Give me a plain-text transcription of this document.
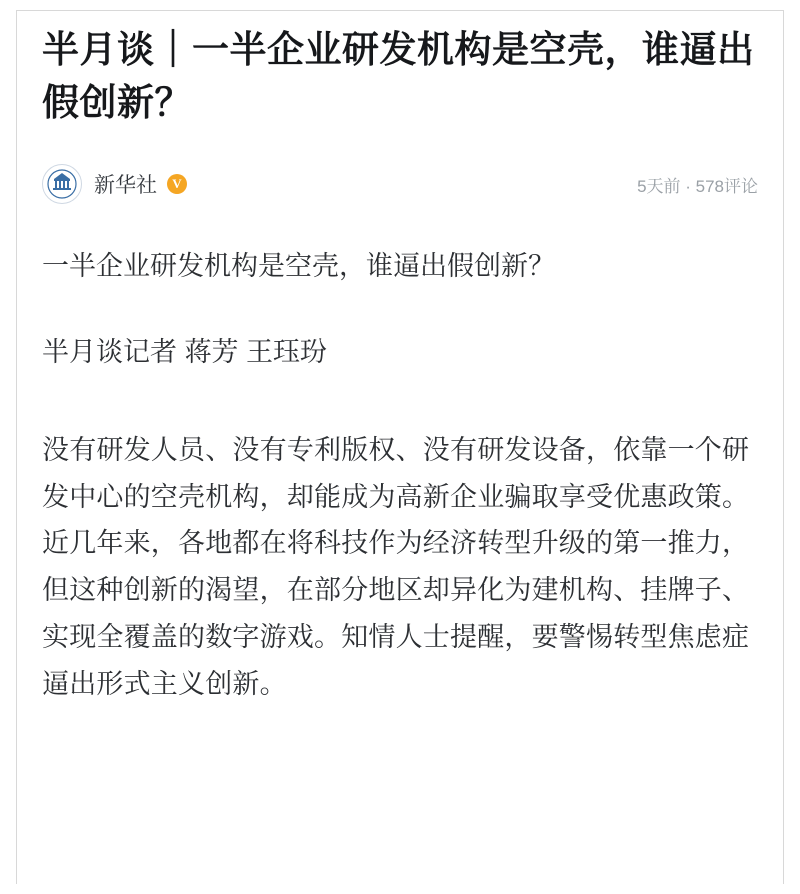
半月谈｜一半企业研发机构是空壳，谁逼出假创新？
新华社	V	5天前 · 578评论

一半企业研发机构是空壳，谁逼出假创新？

半月谈记者 蒋芳 王珏玢

没有研发人员、没有专利版权、没有研发设备，依靠一个研发中心的空壳机构，却能成为高新企业骗取享受优惠政策。近几年来，各地都在将科技作为经济转型升级的第一推力，但这种创新的渴望，在部分地区却异化为建机构、挂牌子、实现全覆盖的数字游戏。知情人士提醒，要警惕转型焦虑症逼出形式主义创新。
